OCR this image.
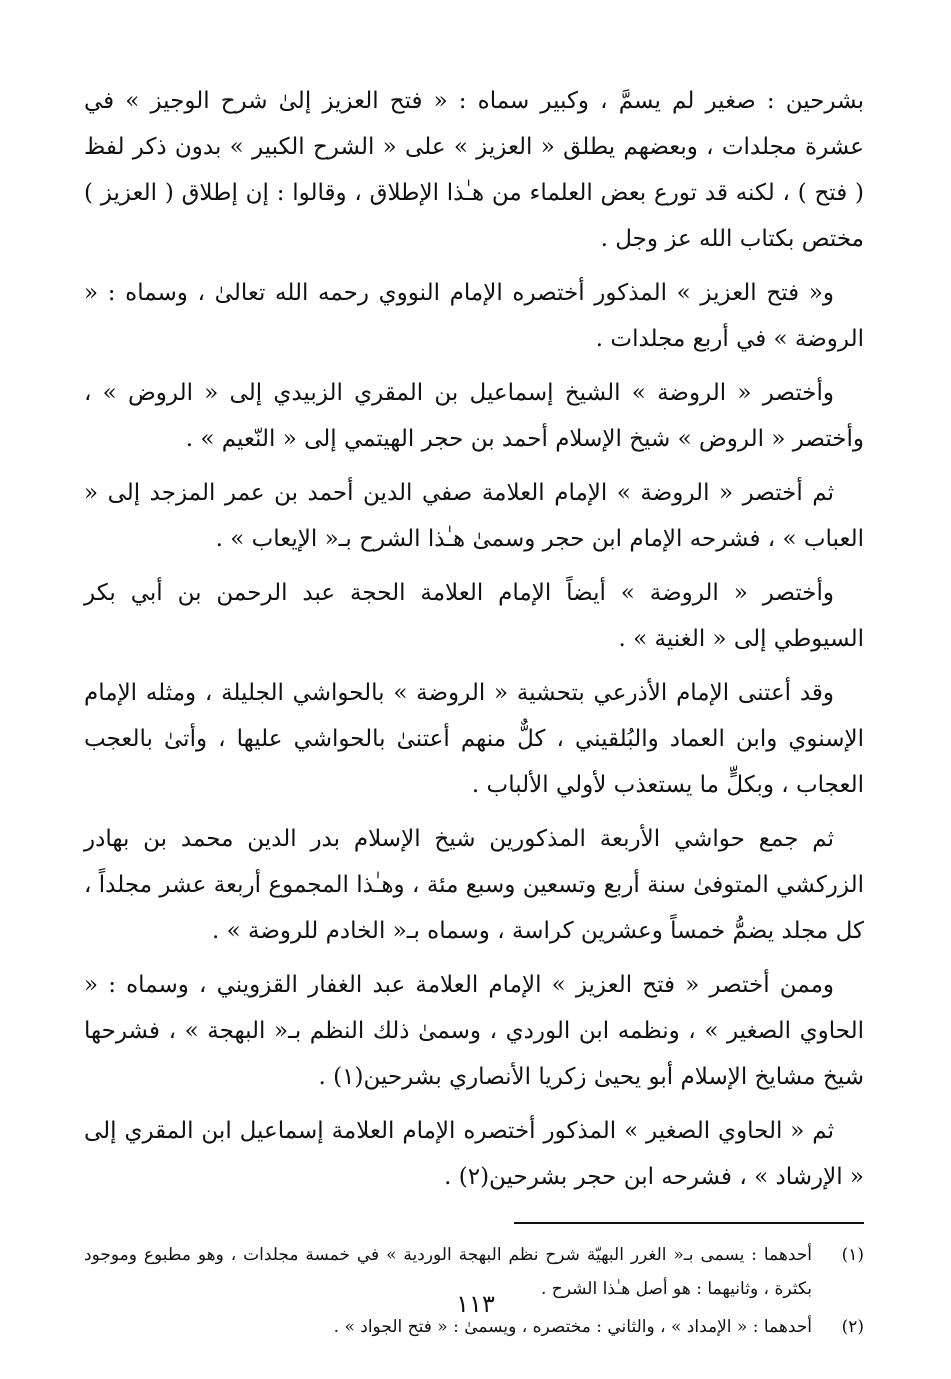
بشرحين : صغير لم يسمَّ ، وكبير سماه : « فتح العزيز إلىٰ شرح الوجيز » في عشرة مجلدات ، وبعضهم يطلق « العزيز » على « الشرح الكبير » بدون ذكر لفظ ( فتح ) ، لكنه قد تورع بعض العلماء من هـٰذا الإطلاق ، وقالوا : إن إطلاق ( العزيز ) مختص بكتاب الله عز وجل .

و« فتح العزيز » المذكور أختصره الإمام النووي رحمه الله تعالىٰ ، وسماه : « الروضة » في أربع مجلدات .

وأختصر « الروضة » الشيخ إسماعيل بن المقري الزبيدي إلى « الروض » ، وأختصر « الروض » شيخ الإسلام أحمد بن حجر الهيتمي إلى « النّعيم » .

ثم أختصر « الروضة » الإمام العلامة صفي الدين أحمد بن عمر المزجد إلى « العباب » ، فشرحه الإمام ابن حجر وسمىٰ هـٰذا الشرح بـ« الإيعاب » .

وأختصر « الروضة » أيضاً الإمام العلامة الحجة عبد الرحمن بن أبي بكر السيوطي إلى « الغنية » .

وقد أعتنى الإمام الأذرعي بتحشية « الروضة » بالحواشي الجليلة ، ومثله الإمام الإسنوي وابن العماد والبُلقيني ، كلٌّ منهم أعتنىٰ بالحواشي عليها ، وأتىٰ بالعجب العجاب ، وبكلٍّ ما يستعذب لأولي الألباب .

ثم جمع حواشي الأربعة المذكورين شيخ الإسلام بدر الدين محمد بن بهادر الزركشي المتوفىٰ سنة أربع وتسعين وسبع مئة ، وهـٰذا المجموع أربعة عشر مجلداً ، كل مجلد يضمُّ خمساً وعشرين كراسة ، وسماه بـ« الخادم للروضة » .

وممن أختصر « فتح العزيز » الإمام العلامة عبد الغفار القزويني ، وسماه : « الحاوي الصغير » ، ونظمه ابن الوردي ، وسمىٰ ذلك النظم بـ« البهجة » ، فشرحها شيخ مشايخ الإسلام أبو يحيىٰ زكريا الأنصاري بشرحين(١) .

ثم « الحاوي الصغير » المذكور أختصره الإمام العلامة إسماعيل ابن المقري إلى « الإرشاد » ، فشرحه ابن حجر بشرحين(٢) .

(١)
أحدهما : يسمى بـ« الغرر البهيّة شرح نظم البهجة الوردية » في خمسة مجلدات ، وهو مطبوع وموجود بكثرة ، وثانيهما : هو أصل هـٰذا الشرح .

(٢)
أحدهما : « الإمداد » ، والثاني : مختصره ، ويسمىٰ : « فتح الجواد » .

١١٣
